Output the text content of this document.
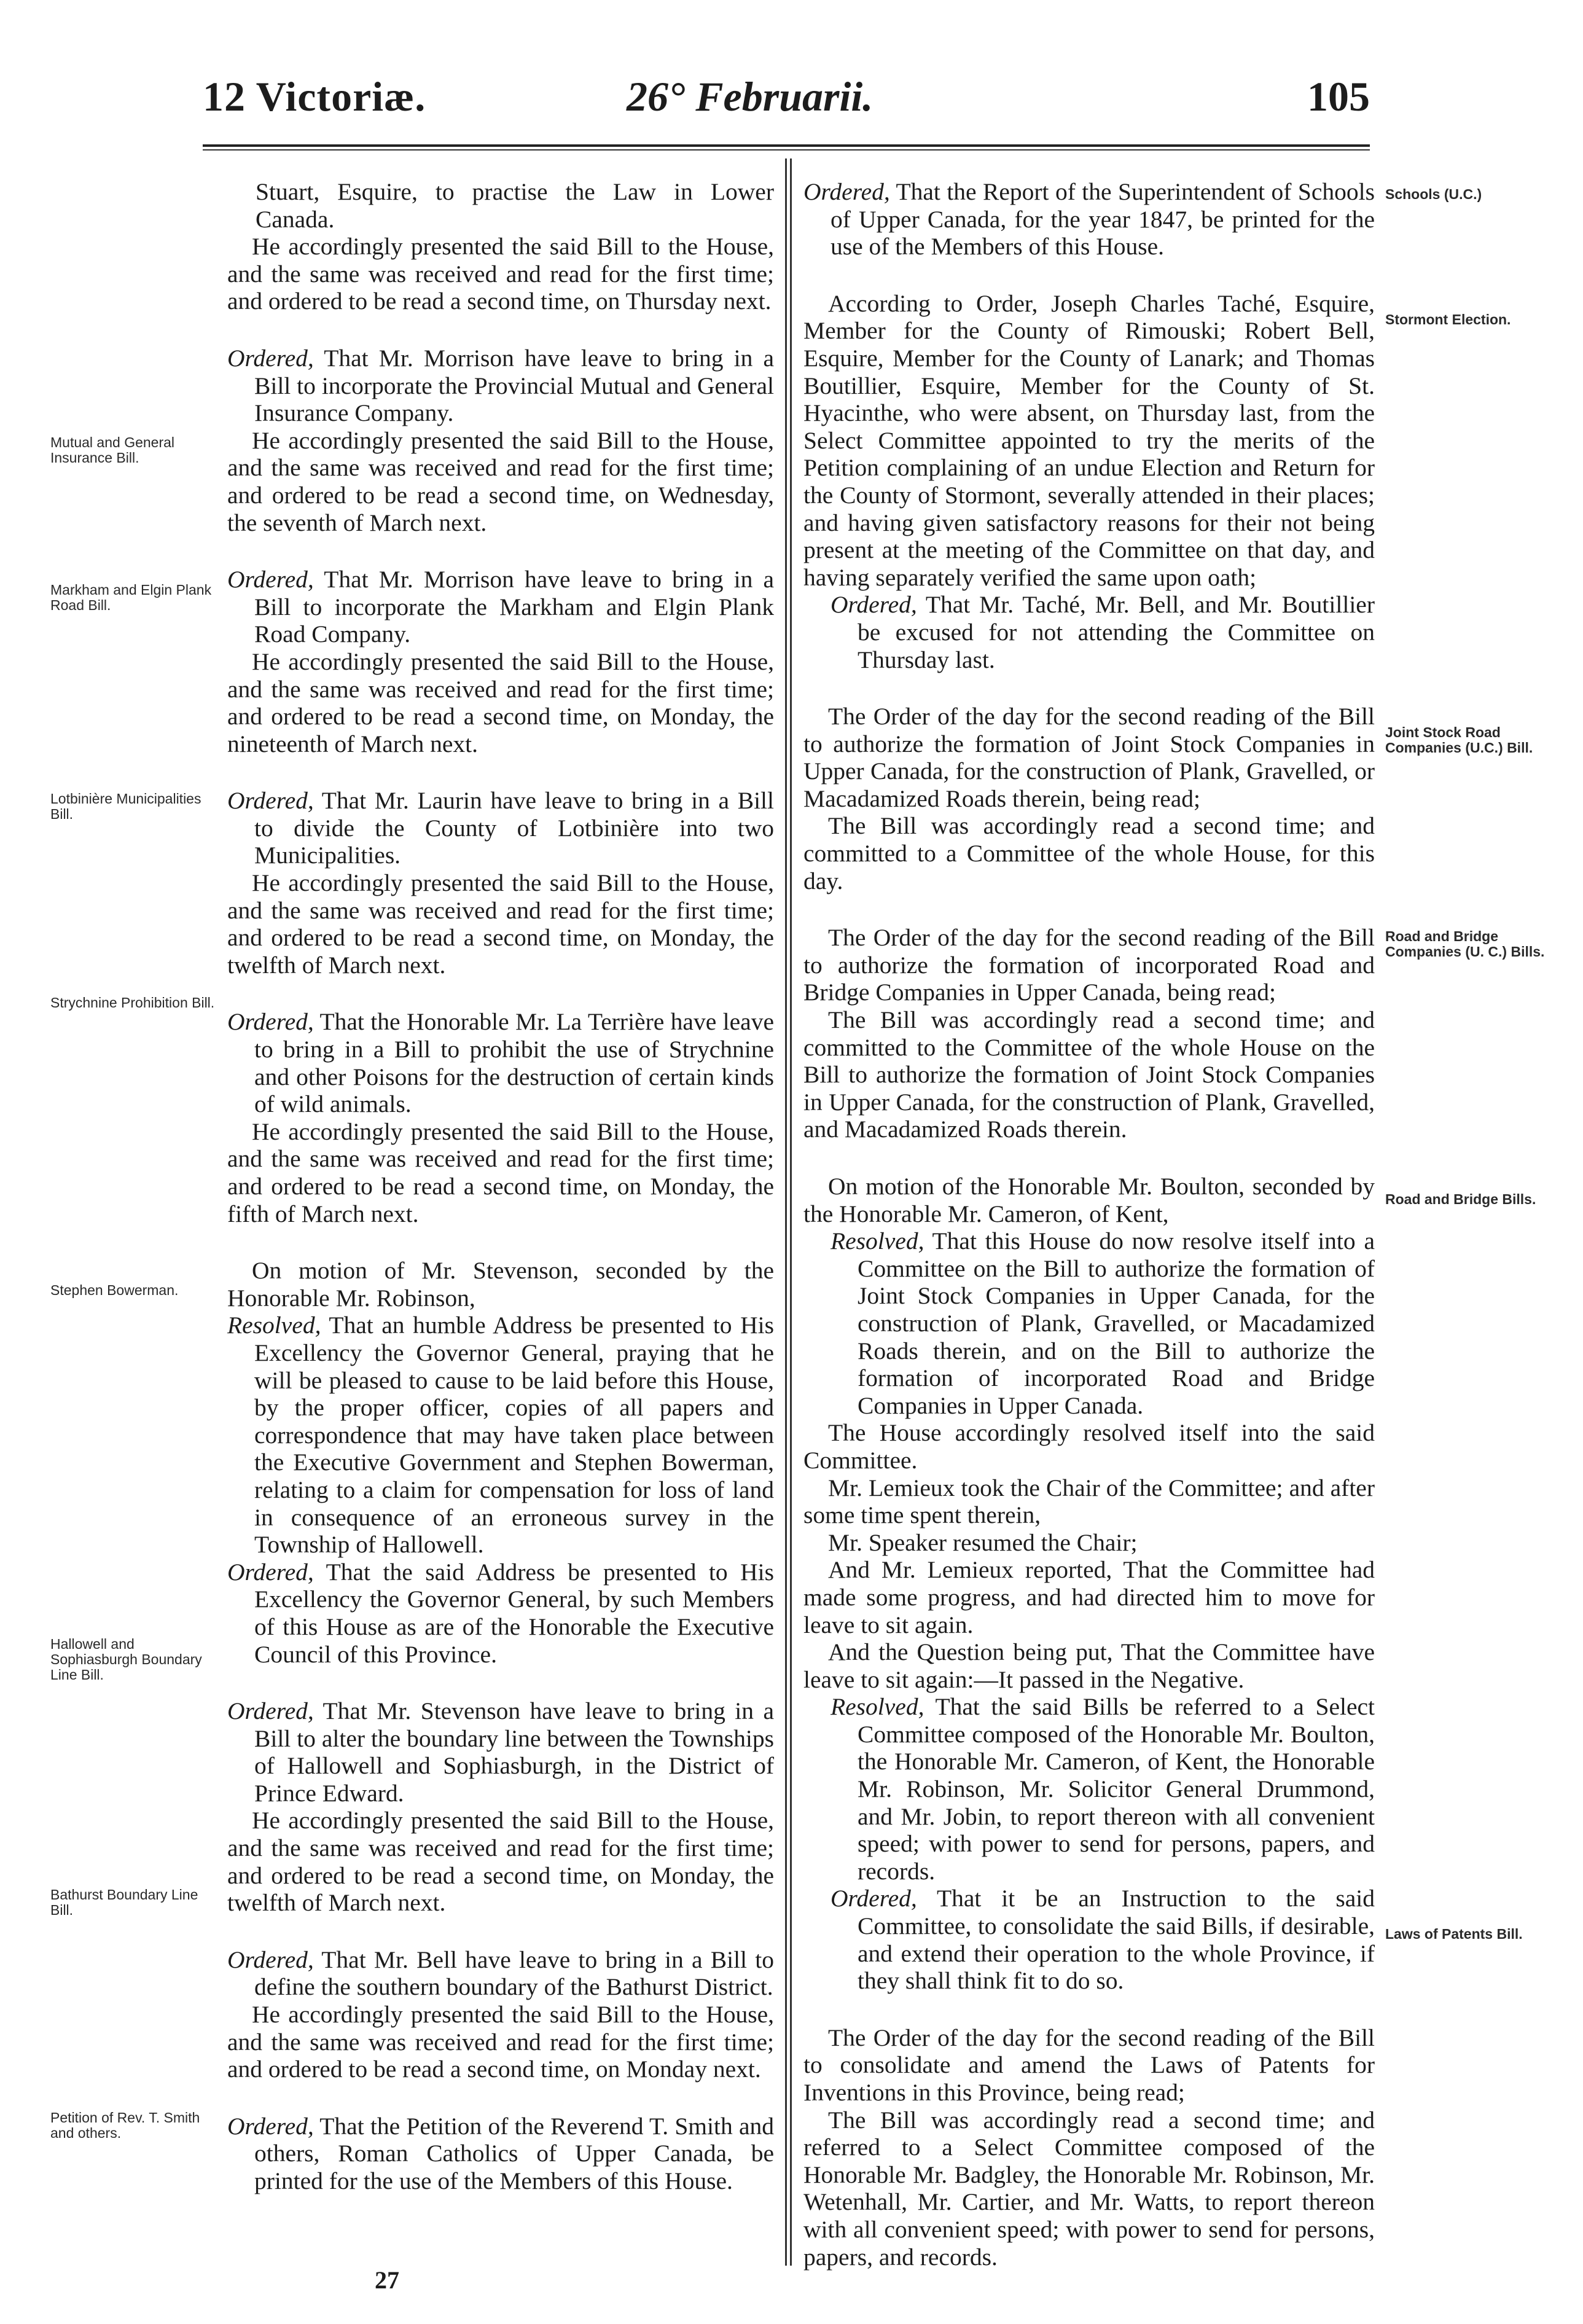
12 Victoriæ.	26° Februarii.	105

Stuart, Esquire, to practise the Law in Lower Canada.

He accordingly presented the said Bill to the House, and the same was received and read for the first time; and ordered to be read a second time, on Thursday next.

Ordered, That Mr. Morrison have leave to bring in a Bill to incorporate the Provincial Mutual and General Insurance Company.

He accordingly presented the said Bill to the House, and the same was received and read for the first time; and ordered to be read a second time, on Wednesday, the seventh of March next.

Ordered, That Mr. Morrison have leave to bring in a Bill to incorporate the Markham and Elgin Plank Road Company.

He accordingly presented the said Bill to the House, and the same was received and read for the first time; and ordered to be read a second time, on Monday, the nineteenth of March next.

Ordered, That Mr. Laurin have leave to bring in a Bill to divide the County of Lotbinière into two Municipalities.

He accordingly presented the said Bill to the House, and the same was received and read for the first time; and ordered to be read a second time, on Monday, the twelfth of March next.

Ordered, That the Honorable Mr. La Terrière have leave to bring in a Bill to prohibit the use of Strychnine and other Poisons for the destruction of certain kinds of wild animals.

He accordingly presented the said Bill to the House, and the same was received and read for the first time; and ordered to be read a second time, on Monday, the fifth of March next.

On motion of Mr. Stevenson, seconded by the Honorable Mr. Robinson,

Resolved, That an humble Address be presented to His Excellency the Governor General, praying that he will be pleased to cause to be laid before this House, by the proper officer, copies of all papers and correspondence that may have taken place between the Executive Government and Stephen Bowerman, relating to a claim for compensation for loss of land in consequence of an erroneous survey in the Township of Hallowell.

Ordered, That the said Address be presented to His Excellency the Governor General, by such Members of this House as are of the Honorable the Executive Council of this Province.

Ordered, That Mr. Stevenson have leave to bring in a Bill to alter the boundary line between the Townships of Hallowell and Sophiasburgh, in the District of Prince Edward.

He accordingly presented the said Bill to the House, and the same was received and read for the first time; and ordered to be read a second time, on Monday, the twelfth of March next.

Ordered, That Mr. Bell have leave to bring in a Bill to define the southern boundary of the Bathurst District.

He accordingly presented the said Bill to the House, and the same was received and read for the first time; and ordered to be read a second time, on Monday next.

Ordered, That the Petition of the Reverend T. Smith and others, Roman Catholics of Upper Canada, be printed for the use of the Members of this House.

Ordered, That the Report of the Superintendent of Schools of Upper Canada, for the year 1847, be printed for the use of the Members of this House.

According to Order, Joseph Charles Taché, Esquire, Member for the County of Rimouski; Robert Bell, Esquire, Member for the County of Lanark; and Thomas Boutillier, Esquire, Member for the County of St. Hyacinthe, who were absent, on Thursday last, from the Select Committee appointed to try the merits of the Petition complaining of an undue Election and Return for the County of Stormont, severally attended in their places; and having given satisfactory reasons for their not being present at the meeting of the Committee on that day, and having separately verified the same upon oath;

Ordered, That Mr. Taché, Mr. Bell, and Mr. Boutillier be excused for not attending the Committee on Thursday last.

The Order of the day for the second reading of the Bill to authorize the formation of Joint Stock Companies in Upper Canada, for the construction of Plank, Gravelled, or Macadamized Roads therein, being read;

The Bill was accordingly read a second time; and committed to a Committee of the whole House, for this day.

The Order of the day for the second reading of the Bill to authorize the formation of incorporated Road and Bridge Companies in Upper Canada, being read;

The Bill was accordingly read a second time; and committed to the Committee of the whole House on the Bill to authorize the formation of Joint Stock Companies in Upper Canada, for the construction of Plank, Gravelled, and Macadamized Roads therein.

On motion of the Honorable Mr. Boulton, seconded by the Honorable Mr. Cameron, of Kent,

Resolved, That this House do now resolve itself into a Committee on the Bill to authorize the formation of Joint Stock Companies in Upper Canada, for the construction of Plank, Gravelled, or Macadamized Roads therein, and on the Bill to authorize the formation of incorporated Road and Bridge Companies in Upper Canada.

The House accordingly resolved itself into the said Committee.

Mr. Lemieux took the Chair of the Committee; and after some time spent therein,

Mr. Speaker resumed the Chair;

And Mr. Lemieux reported, That the Committee had made some progress, and had directed him to move for leave to sit again.

And the Question being put, That the Committee have leave to sit again:—It passed in the Negative.

Resolved, That the said Bills be referred to a Select Committee composed of the Honorable Mr. Boulton, the Honorable Mr. Cameron, of Kent, the Honorable Mr. Robinson, Mr. Solicitor General Drummond, and Mr. Jobin, to report thereon with all convenient speed; with power to send for persons, papers, and records.

Ordered, That it be an Instruction to the said Committee, to consolidate the said Bills, if desirable, and extend their operation to the whole Province, if they shall think fit to do so.

The Order of the day for the second reading of the Bill to consolidate and amend the Laws of Patents for Inventions in this Province, being read;

The Bill was accordingly read a second time; and referred to a Select Committee composed of the Honorable Mr. Badgley, the Honorable Mr. Robinson, Mr. Wetenhall, Mr. Cartier, and Mr. Watts, to report thereon with all convenient speed; with power to send for persons, papers, and records.

Mutual and General Insurance Bill.
Markham and Elgin Plank Road Bill.
Lotbinière Municipalities Bill.
Strychnine Prohibition Bill.
Stephen Bowerman.
Hallowell and Sophiasburgh Boundary Line Bill.
Bathurst Boundary Line Bill.
Petition of Rev. T. Smith and others.
Schools (U.C.)
Stormont Election.
Joint Stock Road Companies (U.C.) Bill.
Road and Bridge Companies (U. C.) Bills.
Road and Bridge Bills.
Laws of Patents Bill.
27
